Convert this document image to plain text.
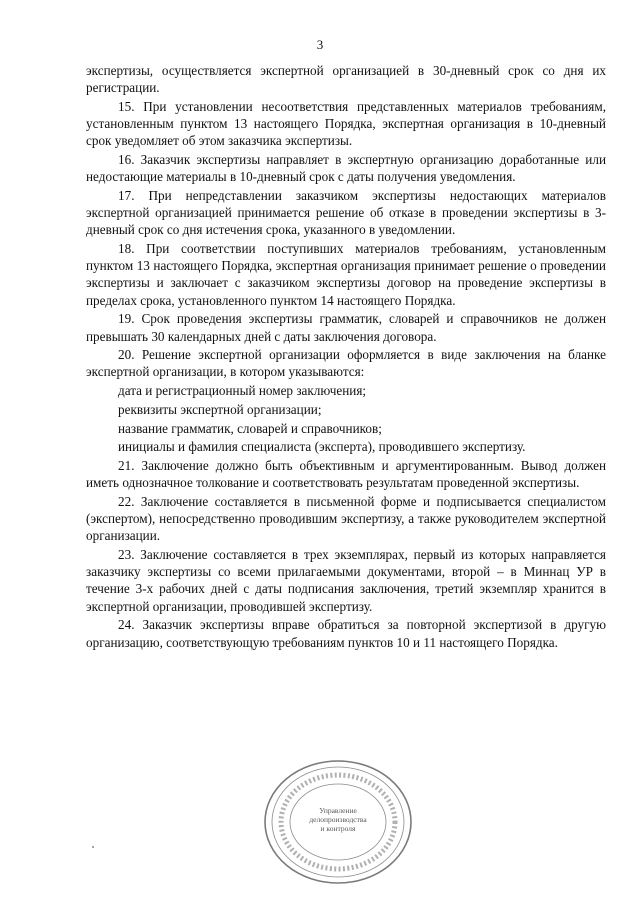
3

экспертизы, осуществляется экспертной организацией в 30-дневный срок со дня их регистрации.

15. При установлении несоответствия представленных материалов требованиям, установленным пунктом 13 настоящего Порядка, экспертная организация в 10-дневный срок уведомляет об этом заказчика экспертизы.

16. Заказчик экспертизы направляет в экспертную организацию доработанные или недостающие материалы в 10-дневный срок с даты получения уведомления.

17. При непредставлении заказчиком экспертизы недостающих материалов экспертной организацией принимается решение об отказе в проведении экспертизы в 3-дневный срок со дня истечения срока, указанного в уведомлении.

18. При соответствии поступивших материалов требованиям, установленным пунктом 13 настоящего Порядка, экспертная организация принимает решение о проведении экспертизы и заключает с заказчиком экспертизы договор на проведение экспертизы в пределах срока, установленного пунктом 14 настоящего Порядка.

19. Срок проведения экспертизы грамматик, словарей и справочников не должен превышать 30 календарных дней с даты заключения договора.

20. Решение экспертной организации оформляется в виде заключения на бланке экспертной организации, в котором указываются:

дата и регистрационный номер заключения;
реквизиты экспертной организации;
название грамматик, словарей и справочников;
инициалы и фамилия специалиста (эксперта), проводившего экспертизу.

21. Заключение должно быть объективным и аргументированным. Вывод должен иметь однозначное толкование и соответствовать результатам проведенной экспертизы.

22. Заключение составляется в письменной форме и подписывается специалистом (экспертом), непосредственно проводившим экспертизу, а также руководителем экспертной организации.

23. Заключение составляется в трех экземплярах, первый из которых направляется заказчику экспертизы со всеми прилагаемыми документами, второй – в Миннац УР в течение 3-х рабочих дней с даты подписания заключения, третий экземпляр хранится в экспертной организации, проводившей экспертизу.

24. Заказчик экспертизы вправе обратиться за повторной экспертизой в другую организацию, соответствующую требованиям пунктов 10 и 11 настоящего Порядка.

Управление
делопроизводства
и контроля
